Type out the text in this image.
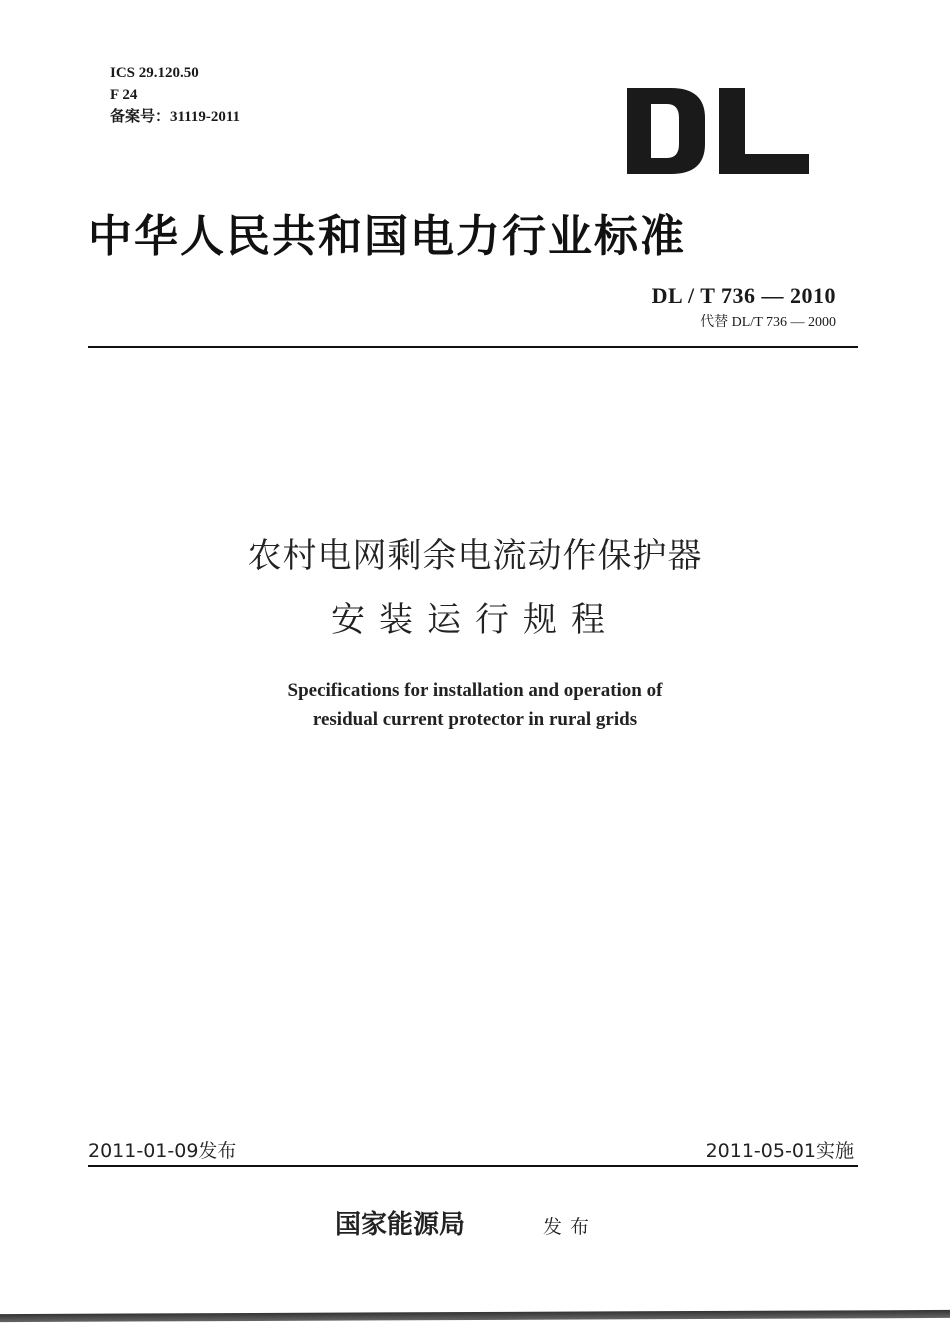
ICS 29.120.50
F 24
备案号：31119-2011
中华人民共和国电力行业标准
DL / T 736 — 2010
代替 DL/T 736 — 2000
农村电网剩余电流动作保护器
安装运行规程
Specifications for installation and operation of
residual current protector in rural grids
2011-01-09发布	2011-05-01实施
国家能源局	发布
